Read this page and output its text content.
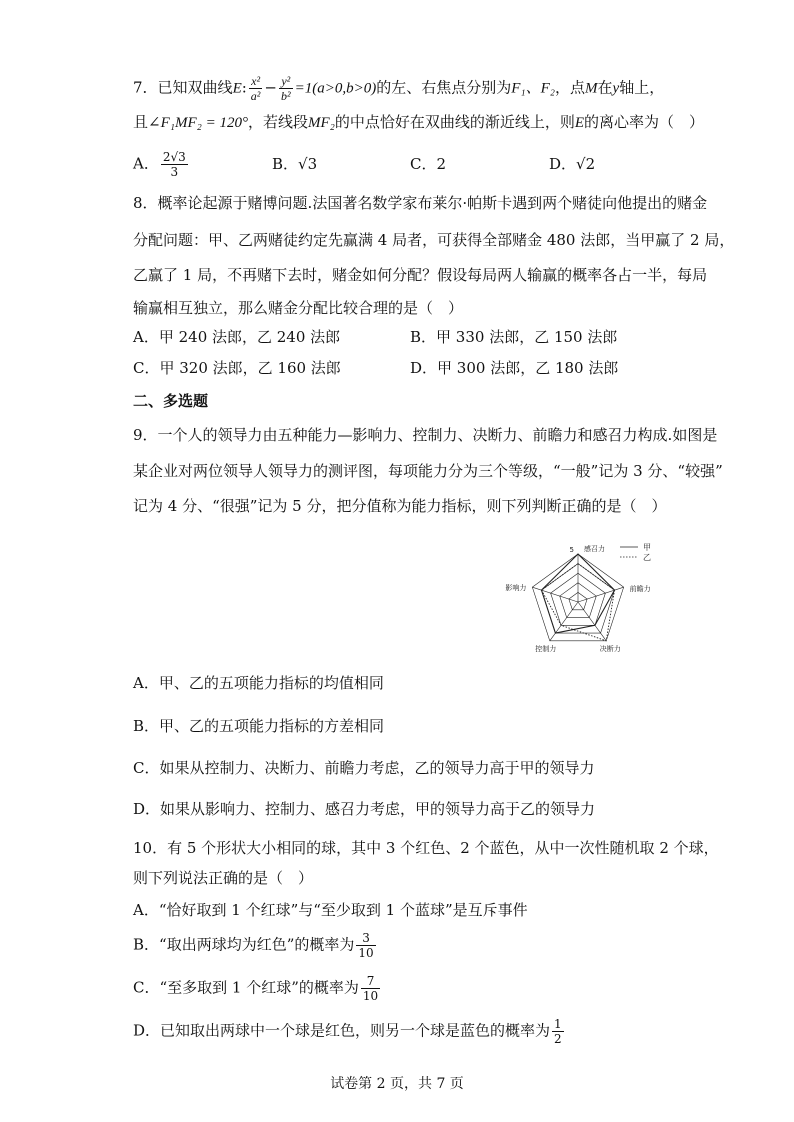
7．已知双曲线E: $\frac{\text{x²}}{\text{a²}} - \frac{\text{y²}}{\text{b²}} =1(a>0,b>0)$的左、右焦点分别为F₁、F₂，点M在y轴上，
且∠F₁MF₂ = 120°，若线段MF₂的中点恰好在双曲线的渐近线上，则E的离心率为（　）
A． $\frac{2√3}{3}$	B．√3	C．2	D．√2
8．概率论起源于赌博问题.法国著名数学家布莱尔·帕斯卡遇到两个赌徒向他提出的赌金
分配问题：甲、乙两赌徒约定先赢满 4 局者，可获得全部赌金 480 法郎，当甲赢了 2 局，
乙赢了 1 局，不再赌下去时，赌金如何分配？假设每局两人输赢的概率各占一半，每局
输赢相互独立，那么赌金分配比较合理的是（　）
A．甲 240 法郎，乙 240 法郎	B．甲 330 法郎，乙 150 法郎
C．甲 320 法郎，乙 160 法郎	D．甲 300 法郎，乙 180 法郎
二、多选题
9．一个人的领导力由五种能力—影响力、控制力、决断力、前瞻力和感召力构成.如图是
某企业对两位领导人领导力的测评图，每项能力分为三个等级，“一般”记为 3 分、“较强”
记为 4 分、“很强”记为 5 分，把分值称为能力指标，则下列判断正确的是（　）
感召力
前瞻力
决断力
控制力
影响力
5	甲
乙
A．甲、乙的五项能力指标的均值相同
B．甲、乙的五项能力指标的方差相同
C．如果从控制力、决断力、前瞻力考虑，乙的领导力高于甲的领导力
D．如果从影响力、控制力、感召力考虑，甲的领导力高于乙的领导力
10．有 5 个形状大小相同的球，其中 3 个红色、2 个蓝色，从中一次性随机取 2 个球，
则下列说法正确的是（　）
A．“恰好取到 1 个红球”与“至少取到 1 个蓝球”是互斥事件
B．“取出两球均为红色”的概率为 $\frac{3}{10}$
C．“至多取到 1 个红球”的概率为 $\frac{7}{10}$
D．已知取出两球中一个球是红色，则另一个球是蓝色的概率为 $\frac{1}{2}$
试卷第 2 页，共 7 页
